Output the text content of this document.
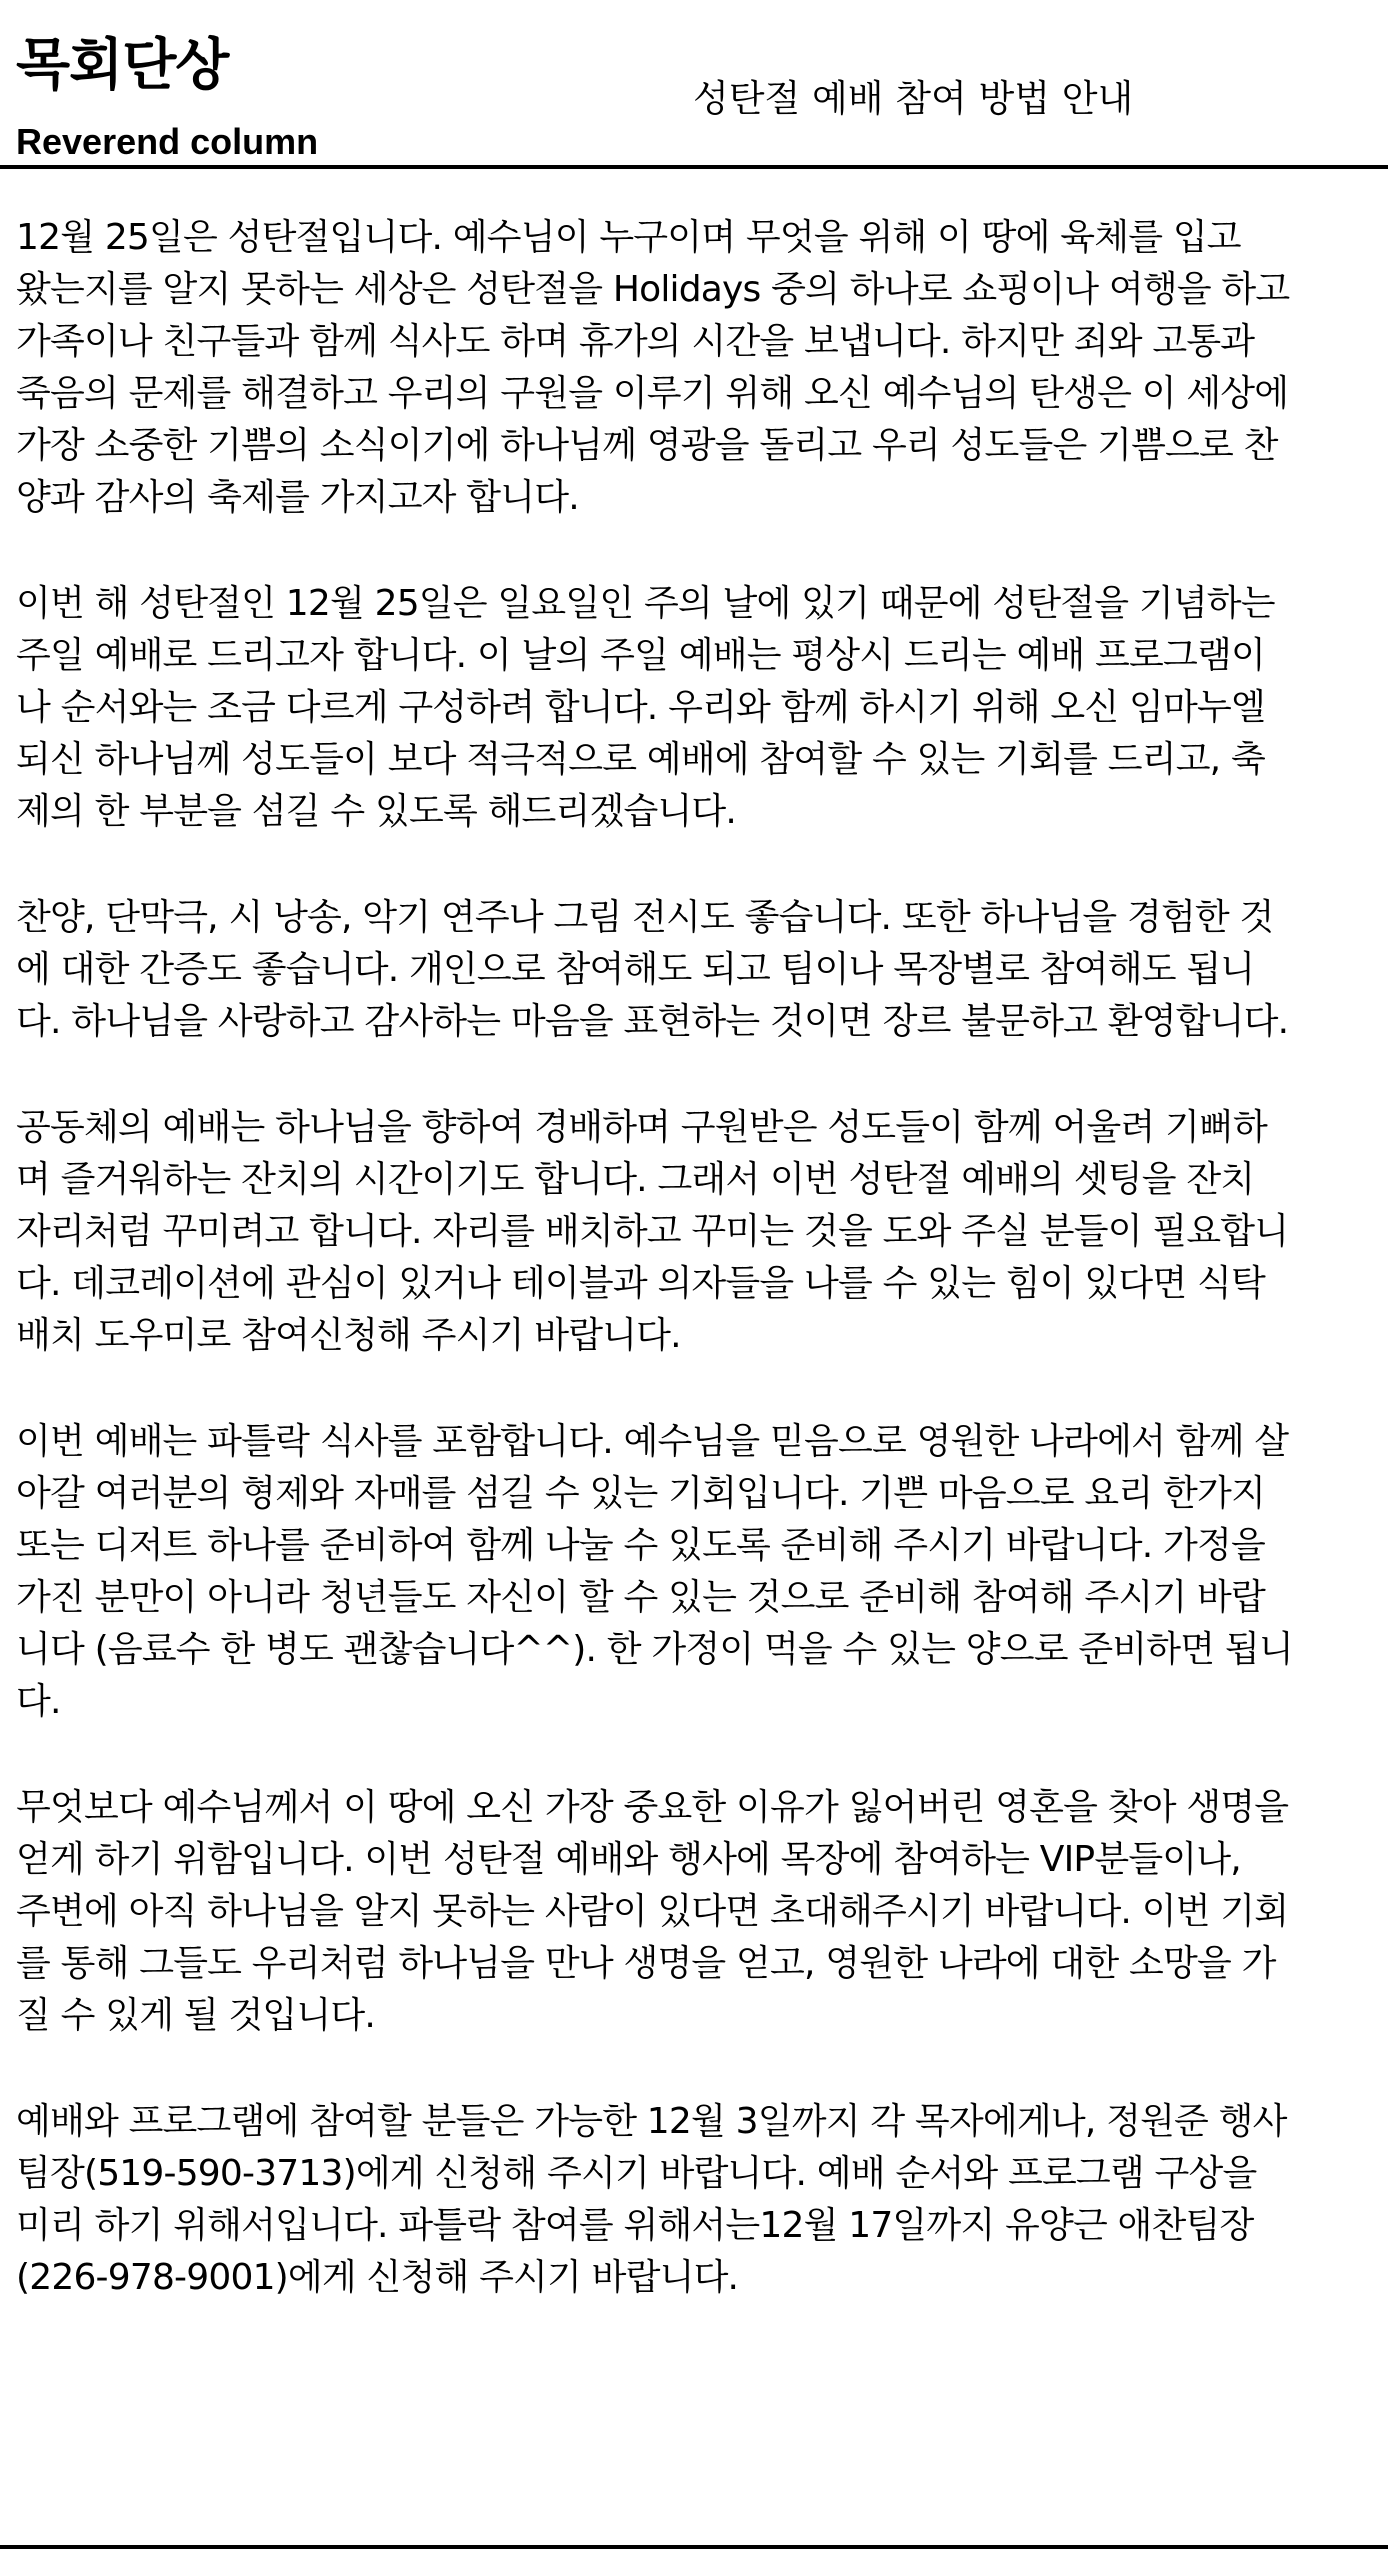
목회단상
Reverend column
성탄절 예배 참여 방법 안내
12월 25일은 성탄절입니다. 예수님이 누구이며 무엇을 위해 이 땅에 육체를 입고
왔는지를 알지 못하는 세상은 성탄절을 Holidays 중의 하나로 쇼핑이나 여행을 하고
가족이나 친구들과 함께 식사도 하며 휴가의 시간을 보냅니다. 하지만 죄와 고통과
죽음의 문제를 해결하고 우리의 구원을 이루기 위해 오신 예수님의 탄생은 이 세상에
가장 소중한 기쁨의 소식이기에 하나님께 영광을 돌리고 우리 성도들은 기쁨으로 찬
양과 감사의 축제를 가지고자 합니다.
이번 해 성탄절인 12월 25일은 일요일인 주의 날에 있기 때문에 성탄절을 기념하는
주일 예배로 드리고자 합니다. 이 날의 주일 예배는 평상시 드리는 예배 프로그램이
나 순서와는 조금 다르게 구성하려 합니다. 우리와 함께 하시기 위해 오신 임마누엘
되신 하나님께 성도들이 보다 적극적으로 예배에 참여할 수 있는 기회를 드리고, 축
제의 한 부분을 섬길 수 있도록 해드리겠습니다.
찬양, 단막극, 시 낭송, 악기 연주나 그림 전시도 좋습니다. 또한 하나님을 경험한 것
에 대한 간증도 좋습니다. 개인으로 참여해도 되고 팀이나 목장별로 참여해도 됩니
다. 하나님을 사랑하고 감사하는 마음을 표현하는 것이면 장르 불문하고 환영합니다.
공동체의 예배는 하나님을 향하여 경배하며 구원받은 성도들이 함께 어울려 기뻐하
며 즐거워하는 잔치의 시간이기도 합니다. 그래서 이번 성탄절 예배의 셋팅을 잔치
자리처럼 꾸미려고 합니다. 자리를 배치하고 꾸미는 것을 도와 주실 분들이 필요합니
다. 데코레이션에 관심이 있거나 테이블과 의자들을 나를 수 있는 힘이 있다면 식탁
배치 도우미로 참여신청해 주시기 바랍니다.
이번 예배는 파틀락 식사를 포함합니다. 예수님을 믿음으로 영원한 나라에서 함께 살
아갈 여러분의 형제와 자매를 섬길 수 있는 기회입니다. 기쁜 마음으로 요리 한가지
또는 디저트 하나를 준비하여 함께 나눌 수 있도록 준비해 주시기 바랍니다. 가정을
가진 분만이 아니라 청년들도 자신이 할 수 있는 것으로 준비해 참여해 주시기 바랍
니다 (음료수 한 병도 괜찮습니다^^). 한 가정이 먹을 수 있는 양으로 준비하면 됩니
다.
무엇보다 예수님께서 이 땅에 오신 가장 중요한 이유가 잃어버린 영혼을 찾아 생명을
얻게 하기 위함입니다. 이번 성탄절 예배와 행사에 목장에 참여하는 VIP분들이나,
주변에 아직 하나님을 알지 못하는 사람이 있다면 초대해주시기 바랍니다. 이번 기회
를 통해 그들도 우리처럼 하나님을 만나 생명을 얻고, 영원한 나라에 대한 소망을 가
질 수 있게 될 것입니다.
예배와 프로그램에 참여할 분들은 가능한 12월 3일까지 각 목자에게나, 정원준 행사
팀장(519-590-3713)에게 신청해 주시기 바랍니다. 예배 순서와 프로그램 구상을
미리 하기 위해서입니다. 파틀락 참여를 위해서는12월 17일까지 유양근 애찬팀장
(226-978-9001)에게 신청해 주시기 바랍니다.
